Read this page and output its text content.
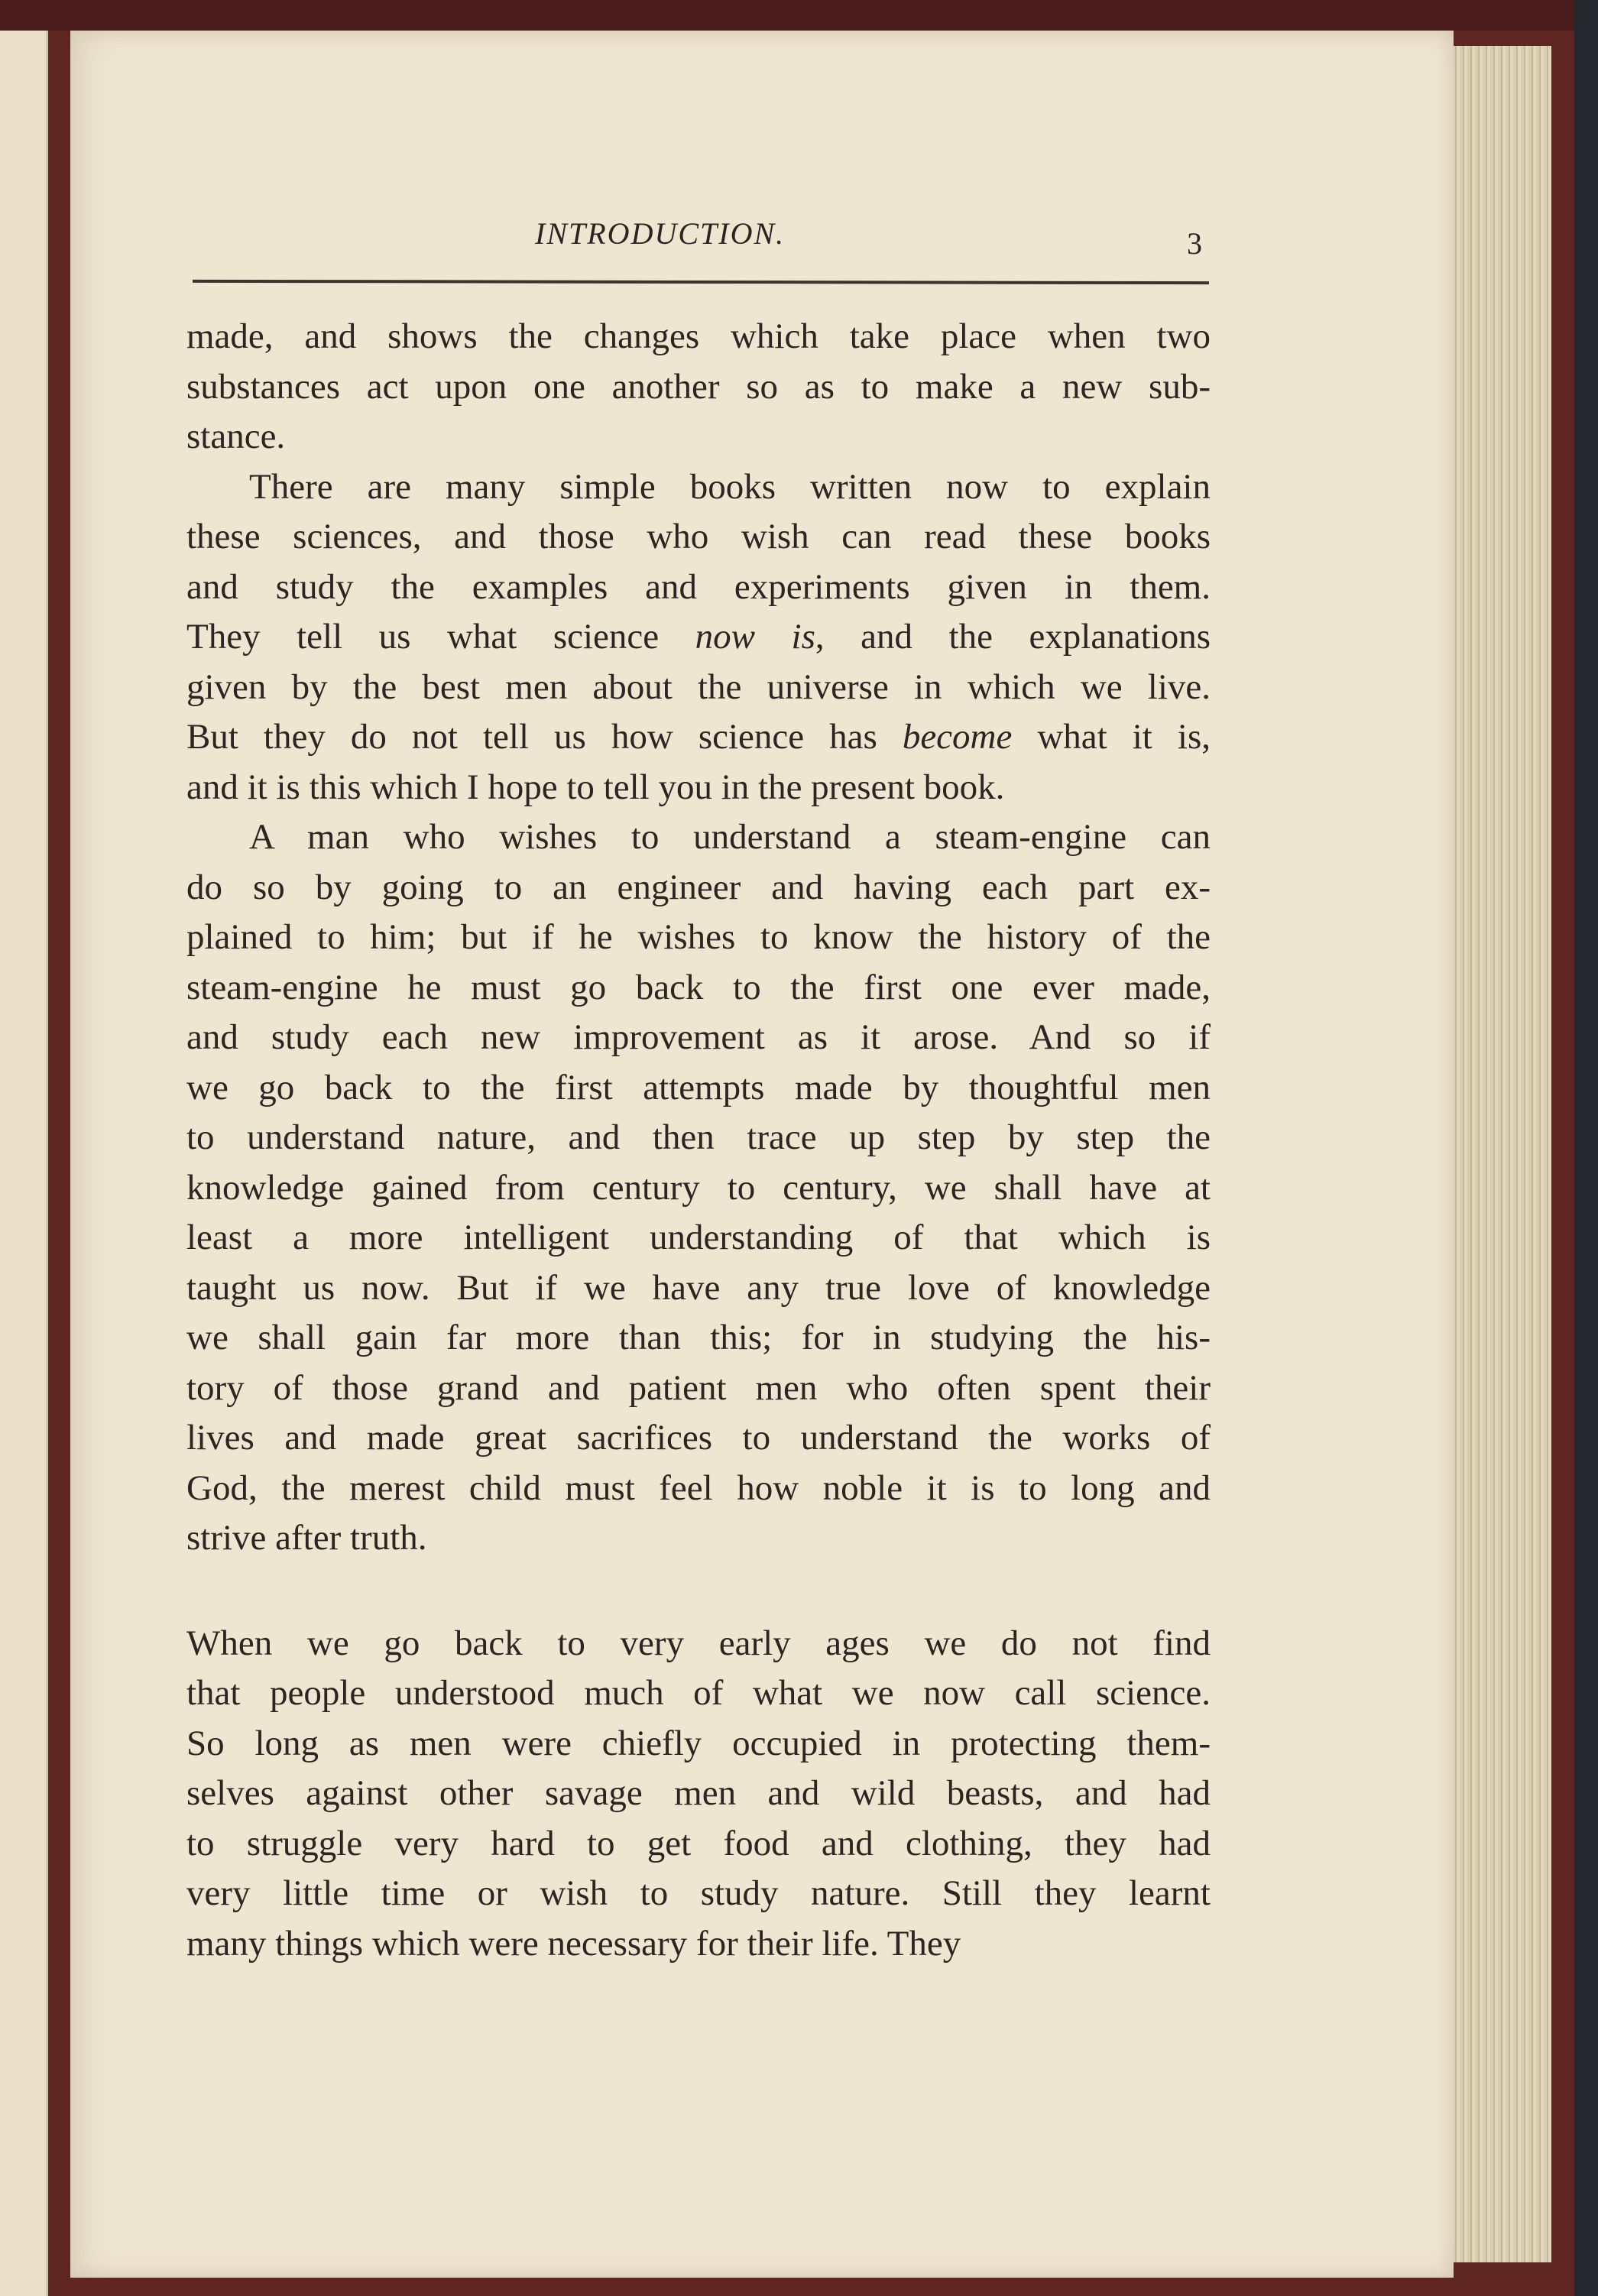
INTRODUCTION.	3
made, and shows the changes which take place when two
substances act upon one another so as to make a new sub-
stance.
There are many simple books written now to explain
these sciences, and those who wish can read these books
and study the examples and experiments given in them.
They tell us what science now is, and the explanations
given by the best men about the universe in which we live.
But they do not tell us how science has become what it is,
and it is this which I hope to tell you in the present book.
A man who wishes to understand a steam-engine can
do so by going to an engineer and having each part ex-
plained to him; but if he wishes to know the history of the
steam-engine he must go back to the first one ever made,
and study each new improvement as it arose. And so if
we go back to the first attempts made by thoughtful men
to understand nature, and then trace up step by step the
knowledge gained from century to century, we shall have at
least a more intelligent understanding of that which is
taught us now. But if we have any true love of knowledge
we shall gain far more than this; for in studying the his-
tory of those grand and patient men who often spent their
lives and made great sacrifices to understand the works of
God, the merest child must feel how noble it is to long and
strive after truth.
When we go back to very early ages we do not find
that people understood much of what we now call science.
So long as men were chiefly occupied in protecting them-
selves against other savage men and wild beasts, and had
to struggle very hard to get food and clothing, they had
very little time or wish to study nature. Still they learnt
many things which were necessary for their life. They
